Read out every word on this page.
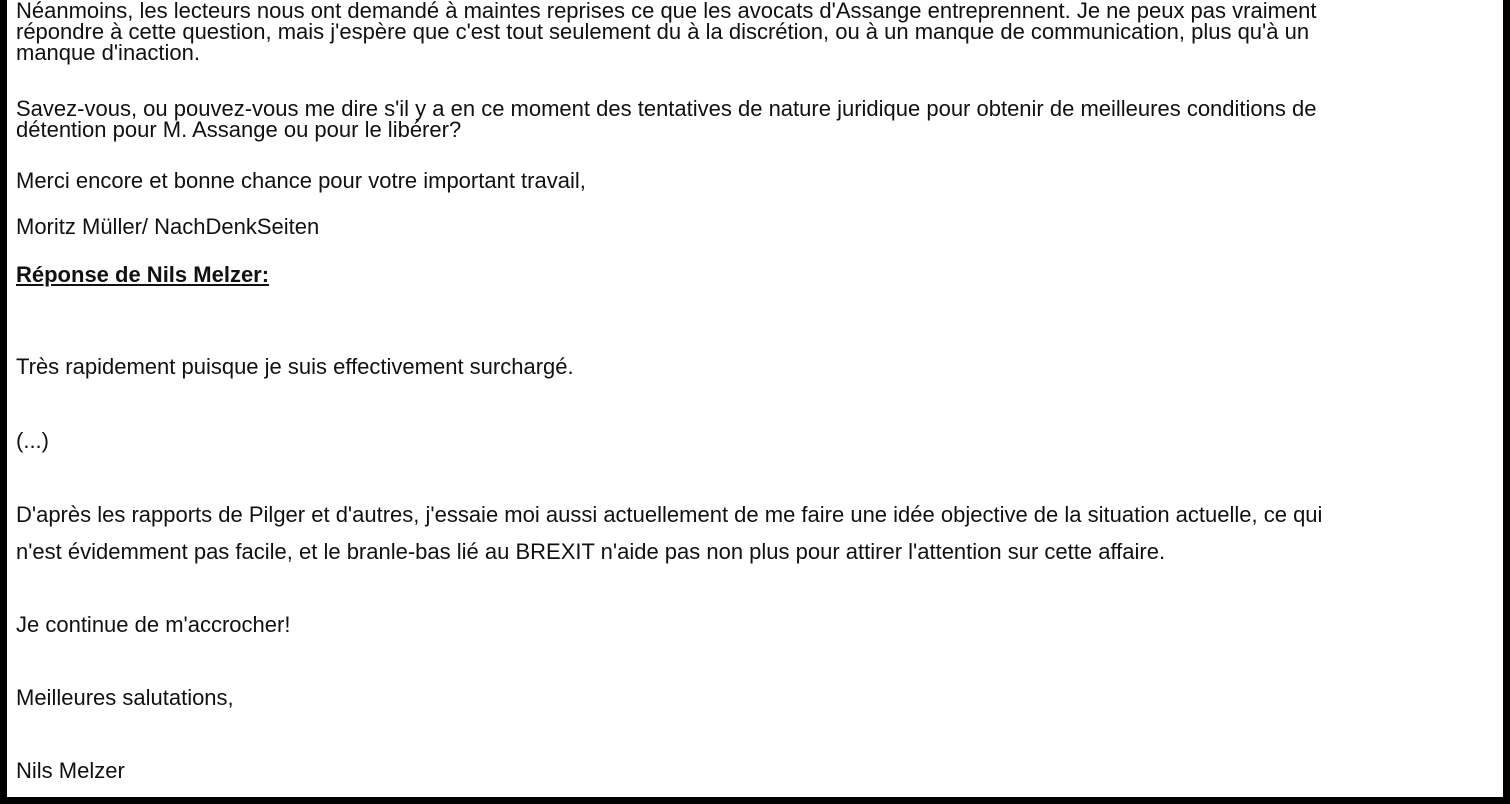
Néanmoins, les lecteurs nous ont demandé à maintes reprises ce que les avocats d'Assange entreprennent. Je ne peux pas vraiment
répondre à cette question, mais j'espère que c'est tout seulement du à la discrétion, ou à un manque de communication, plus qu'à un
manque d'inaction.
Savez-vous, ou pouvez-vous me dire s'il y a en ce moment des tentatives de nature juridique pour obtenir de meilleures conditions de
détention pour M. Assange ou pour le libérer?
Merci encore et bonne chance pour votre important travail,
Moritz Müller/ NachDenkSeiten
Réponse de Nils Melzer:
Très rapidement puisque je suis effectivement surchargé.
(...)
D'après les rapports de Pilger et d'autres, j'essaie moi aussi actuellement de me faire une idée objective de la situation actuelle, ce qui
n'est évidemment pas facile, et le branle-bas lié au BREXIT n'aide pas non plus pour attirer l'attention sur cette affaire.
Je continue de m'accrocher!
Meilleures salutations,
Nils Melzer
